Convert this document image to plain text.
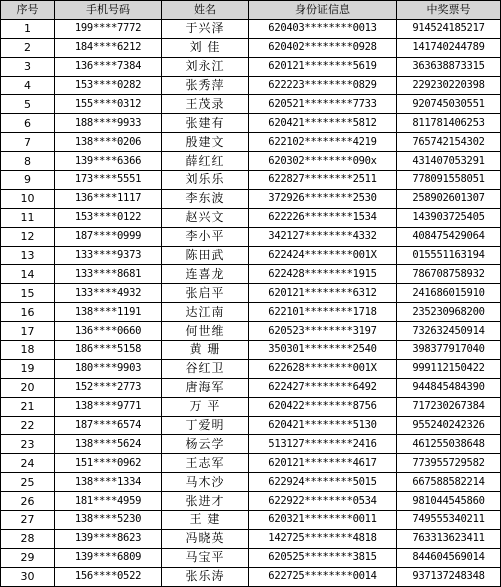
序号	手机号码	姓名	身份证信息	中奖票号
1	199****7772	于兴泽	620403********0013	914524185217
2	184****6212	刘 佳	620402********0928	141740244789
3	136****7384	刘永江	620121********5619	363638873315
4	153****0282	张秀萍	622223********0829	229230220398
5	155****0312	王茂录	620521********7733	920745030551
6	188****9933	张建有	620421********5812	811781406253
7	138****0206	殷建文	622102********4219	765742154302
8	139****6366	薛红红	620302********090x	431407053291
9	173****5551	刘乐乐	622827********2511	778091558051
10	136****1117	李东波	372926********2530	258902601307
11	153****0122	赵兴文	622226********1534	143903725405
12	187****0999	李小平	342127********4332	408475429064
13	133****9373	陈田武	622424********001X	015551163194
14	133****8681	连喜龙	622428********1915	786708758932
15	133****4932	张启平	620121********6312	241686015910
16	138****1191	达江南	622101********1718	235230968200
17	136****0660	何世维	620523********3197	732632450914
18	186****5158	黄 珊	350301********2540	398377917040
19	180****9903	谷红卫	622628********001X	999112150422
20	152****2773	唐海军	622427********6492	944845484390
21	138****9771	万 平	620422********8756	717230267384
22	187****6574	丁爱明	620421********5130	955240242326
23	138****5624	杨云学	513127********2416	461255038648
24	151****0962	王志军	620121********4617	773955729582
25	138****1334	马木沙	622924********5015	667588582214
26	181****4959	张进才	622922********0534	981044545860
27	138****5230	王 建	620321********0011	749555340211
28	139****8623	冯晓英	142725********4818	763313623411
29	139****6809	马宝平	620525********3815	844604569014
30	156****0522	张乐涛	622725********0014	937137248348
